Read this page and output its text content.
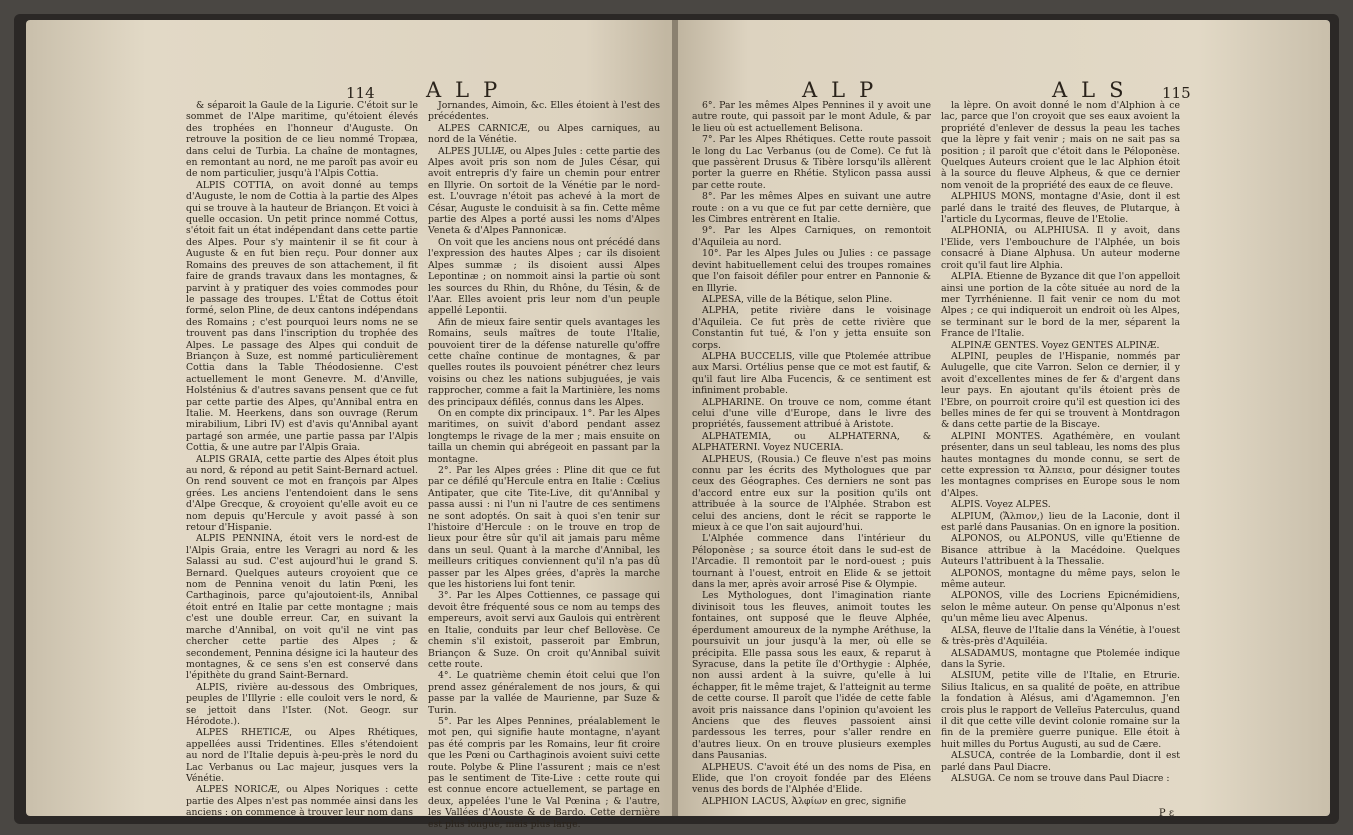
114 ALP

& séparoit la Gaule de la Ligurie. C'étoit sur le sommet de l'Alpe maritime, qu'étoient élevés des trophées en l'honneur d'Auguste. On retrouve la position de ce lieu nommé Tropæa, dans celui de Turbia. La chaîne de montagnes, en remontant au nord, ne me paroît pas avoir eu de nom particulier, jusqu'à l'Alpis Cottia.

ALPIS COTTIA, on avoit donné au temps d'Auguste, le nom de Cottia à la partie des Alpes qui se trouve à la hauteur de Briançon. Et voici à quelle occasion. Un petit prince nommé Cottus, s'étoit fait un état indépendant dans cette partie des Alpes. Pour s'y maintenir il se fit cour à Auguste & en fut bien reçu. Pour donner aux Romains des preuves de son attachement, il fit faire de grands travaux dans les montagnes, & parvint à y pratiquer des voies commodes pour le passage des troupes. L'État de Cottus étoit formé, selon Pline, de deux cantons indépendans des Romains ; c'est pourquoi leurs noms ne se trouvent pas dans l'inscription du trophée des Alpes. Le passage des Alpes qui conduit de Briançon à Suze, est nommé particulièrement Cottia dans la Table Théodosienne. C'est actuellement le mont Genevre. M. d'Anville, Holsténius & d'autres savans pensent que ce fut par cette partie des Alpes, qu'Annibal entra en Italie. M. Heerkens, dans son ouvrage (Rerum mirabilium, Libri IV) est d'avis qu'Annibal ayant partagé son armée, une partie passa par l'Alpis Cottia, & une autre par l'Alpis Graia.

ALPIS GRAIA, cette partie des Alpes étoit plus au nord, & répond au petit Saint-Bernard actuel. On rend souvent ce mot en françois par Alpes grées. Les anciens l'entendoient dans le sens d'Alpe Grecque, & croyoient qu'elle avoit eu ce nom depuis qu'Hercule y avoit passé à son retour d'Hispanie.

ALPIS PENNINA, étoit vers le nord-est de l'Alpis Graia, entre les Veragri au nord & les Salassi au sud. C'est aujourd'hui le grand S. Bernard. Quelques auteurs croyoient que ce nom de Pennina venoit du latin Pœni, les Carthaginois, parce qu'ajoutoient-ils, Annibal étoit entré en Italie par cette montagne ; mais c'est une double erreur. Car, en suivant la marche d'Annibal, on voit qu'il ne vint pas chercher cette partie des Alpes ; & secondement, Pennina désigne ici la hauteur des montagnes, & ce sens s'en est conservé dans l'épithète du grand Saint-Bernard.

ALPIS, rivière au-dessous des Ombriques, peuples de l'Illyrie : elle couloit vers le nord, & se jettoit dans l'Ister. (Not. Geogr. sur Hérodote.).

ALPES RHETICÆ, ou Alpes Rhétiques, appellées aussi Tridentines. Elles s'étendoient au nord de l'Italie depuis à-peu-près le nord du Lac Verbanus ou Lac majeur, jusques vers la Vénétie.

ALPES NORICÆ, ou Alpes Noriques : cette partie des Alpes n'est pas nommée ainsi dans les anciens : on commence à trouver leur nom dans

Jornandes, Aimoin, &c. Elles étoient à l'est des précédentes.

ALPES CARNICÆ, ou Alpes carniques, au nord de la Vénétie.

ALPES JULIÆ, ou Alpes Jules : cette partie des Alpes avoit pris son nom de Jules César, qui avoit entrepris d'y faire un chemin pour entrer en Illyrie. On sortoit de la Vénétie par le nord-est. L'ouvrage n'étoit pas achevé à la mort de César, Auguste le conduisit à sa fin. Cette même partie des Alpes a porté aussi les noms d'Alpes Veneta & d'Alpes Pannonicæ.

On voit que les anciens nous ont précédé dans l'expression des hautes Alpes ; car ils disoient Alpes summæ ; ils disoient aussi Alpes Lepontinæ ; on nommoit ainsi la partie où sont les sources du Rhin, du Rhône, du Tésin, & de l'Aar. Elles avoient pris leur nom d'un peuple appellé Lepontii.

Afin de mieux faire sentir quels avantages les Romains, seuls maîtres de toute l'Italie, pouvoient tirer de la défense naturelle qu'offre cette chaîne continue de montagnes, & par quelles routes ils pouvoient pénétrer chez leurs voisins ou chez les nations subjuguées, je vais rapprocher, comme a fait la Martinière, les noms des principaux défilés, connus dans les Alpes.

On en compte dix principaux. 1°. Par les Alpes maritimes, on suivit d'abord pendant assez longtemps le rivage de la mer ; mais ensuite on tailla un chemin qui abrégeoit en passant par la montagne.

2°. Par les Alpes grées : Pline dit que ce fut par ce défilé qu'Hercule entra en Italie : Cœlius Antipater, que cite Tite-Live, dit qu'Annibal y passa aussi : ni l'un ni l'autre de ces sentimens ne sont adoptés. On sait à quoi s'en tenir sur l'histoire d'Hercule : on le trouve en trop de lieux pour être sûr qu'il ait jamais paru même dans un seul. Quant à la marche d'Annibal, les meilleurs critiques conviennent qu'il n'a pas dû passer par les Alpes grées, d'après la marche que les historiens lui font tenir.

3°. Par les Alpes Cottiennes, ce passage qui devoit être fréquenté sous ce nom au temps des empereurs, avoit servi aux Gaulois qui entrèrent en Italie, conduits par leur chef Bellovèse. Ce chemin s'il existoit, passeroit par Embrun, Briançon & Suze. On croit qu'Annibal suivit cette route.

4°. Le quatrième chemin étoit celui que l'on prend assez généralement de nos jours, & qui passe par la vallée de Maurienne, par Suze & Turin.

5°. Par les Alpes Pennines, préalablement le mot pen, qui signifie haute montagne, n'ayant pas été compris par les Romains, leur fit croire que les Pœni ou Carthaginois avoient suivi cette route. Polybe & Pline l'assurent ; mais ce n'est pas le sentiment de Tite-Live : cette route qui est connue encore actuellement, se partage en deux, appelées l'une le Val Pœnina ; & l'autre, les Vallées d'Aouste & de Bardo. Cette dernière est plus longue, mais plus large.

ALP	ALS 115

6°. Par les mêmes Alpes Pennines il y avoit une autre route, qui passoit par le mont Adule, & par le lieu où est actuellement Belisona.

7°. Par les Alpes Rhétiques. Cette route passoit le long du Lac Verbanus (ou de Come). Ce fut là que passèrent Drusus & Tibère lorsqu'ils allèrent porter la guerre en Rhétie. Stylicon passa aussi par cette route.

8°. Par les mêmes Alpes en suivant une autre route : on a vu que ce fut par cette dernière, que les Cimbres entrèrent en Italie.

9°. Par les Alpes Carniques, on remontoit d'Aquileia au nord.

10°. Par les Alpes Jules ou Julies : ce passage devint habituellement celui des troupes romaines que l'on faisoit défiler pour entrer en Pannonie & en Illyrie.

ALPESA, ville de la Bétique, selon Pline.

ALPHA, petite rivière dans le voisinage d'Aquileia. Ce fut près de cette rivière que Constantin fut tué, & l'on y jetta ensuite son corps.

ALPHA BUCCELIS, ville que Ptolemée attribue aux Marsi. Ortélius pense que ce mot est fautif, & qu'il faut lire Alba Fucencis, & ce sentiment est infiniment probable.

ALPHARINE. On trouve ce nom, comme étant celui d'une ville d'Europe, dans le livre des propriétés, faussement attribué à Aristote.

ALPHATEMIA, ou ALPHATERNA, & ALPHATERNI. Voyez NUCERIA.

ALPHEUS, (Rousia.) Ce fleuve n'est pas moins connu par les écrits des Mythologues que par ceux des Géographes. Ces derniers ne sont pas d'accord entre eux sur la position qu'ils ont attribuée à la source de l'Alphée. Strabon est celui des anciens, dont le récit se rapporte le mieux à ce que l'on sait aujourd'hui.

L'Alphée commence dans l'intérieur du Péloponèse ; sa source étoit dans le sud-est de l'Arcadie. Il remontoit par le nord-ouest ; puis tournant à l'ouest, entroit en Elide & se jettoit dans la mer, après avoir arrosé Pise & Olympie.

Les Mythologues, dont l'imagination riante divinisoit tous les fleuves, animoit toutes les fontaines, ont supposé que le fleuve Alphée, éperdument amoureux de la nymphe Aréthuse, la poursuivit un jour jusqu'à la mer, où elle se précipita. Elle passa sous les eaux, & reparut à Syracuse, dans la petite île d'Orthygie : Alphée, non aussi ardent à la suivre, qu'elle à lui échapper, fit le même trajet, & l'atteignit au terme de cette course. Il paroît que l'idée de cette fable avoit pris naissance dans l'opinion qu'avoient les Anciens que des fleuves passoient ainsi pardessous les terres, pour s'aller rendre en d'autres lieux. On en trouve plusieurs exemples dans Pausanias.

ALPHEUS. C'avoit été un des noms de Pisa, en Elide, que l'on croyoit fondée par des Eléens venus des bords de l'Alphée d'Elide.

ALPHION LACUS, Ἀλφίων en grec, signifie

la lèpre. On avoit donné le nom d'Alphion à ce lac, parce que l'on croyoit que ses eaux avoient la propriété d'enlever de dessus la peau les taches que la lèpre y fait venir ; mais on ne sait pas sa position ; il paroît que c'étoit dans le Péloponèse. Quelques Auteurs croient que le lac Alphion étoit à la source du fleuve Alpheus, & que ce dernier nom venoit de la propriété des eaux de ce fleuve.

ALPHIUS MONS, montagne d'Asie, dont il est parlé dans le traité des fleuves, de Plutarque, à l'article du Lycormas, fleuve de l'Etolie.

ALPHONIA, ou ALPHIUSA. Il y avoit, dans l'Elide, vers l'embouchure de l'Alphée, un bois consacré à Diane Alphusa. Un auteur moderne croit qu'il faut lire Alphia.

ALPIA. Etienne de Byzance dit que l'on appelloit ainsi une portion de la côte située au nord de la mer Tyrrhénienne. Il fait venir ce nom du mot Alpes ; ce qui indiqueroit un endroit où les Alpes, se terminant sur le bord de la mer, séparent la France de l'Italie.

ALPINÆ GENTES. Voyez GENTES ALPINÆ.

ALPINI, peuples de l'Hispanie, nommés par Aulugelle, que cite Varron. Selon ce dernier, il y avoit d'excellentes mines de fer & d'argent dans leur pays. En ajoutant qu'ils étoient près de l'Ebre, on pourroit croire qu'il est question ici des belles mines de fer qui se trouvent à Montdragon & dans cette partie de la Biscaye.

ALPINI MONTES. Agathémère, en voulant présenter, dans un seul tableau, les noms des plus hautes montagnes du monde connu, se sert de cette expression τα Ἀλπεια, pour désigner toutes les montagnes comprises en Europe sous le nom d'Alpes.

ALPIS. Voyez ALPES.

ALPIUM, (Ἄλπιον,) lieu de la Laconie, dont il est parlé dans Pausanias. On en ignore la position.

ALPONOS, ou ALPONUS, ville qu'Etienne de Bisance attribue à la Macédoine. Quelques Auteurs l'attribuent à la Thessalie.

ALPONOS, montagne du même pays, selon le même auteur.

ALPONOS, ville des Locriens Epicnémidiens, selon le même auteur. On pense qu'Alponus n'est qu'un même lieu avec Alpenus.

ALSA, fleuve de l'Italie dans la Vénétie, à l'ouest & très-près d'Aquiléia.

ALSADAMUS, montagne que Ptolemée indique dans la Syrie.

ALSIUM, petite ville de l'Italie, en Etrurie. Silius Italicus, en sa qualité de poëte, en attribue la fondation à Alésus, ami d'Agamemnon. J'en crois plus le rapport de Velleïus Paterculus, quand il dit que cette ville devint colonie romaine sur la fin de la première guerre punique. Elle étoit à huit milles du Portus Augusti, au sud de Cære.

ALSUCA, contrée de la Lombardie, dont il est parlé dans Paul Diacre.

ALSUGA. Ce nom se trouve dans Paul Diacre :

P ε
